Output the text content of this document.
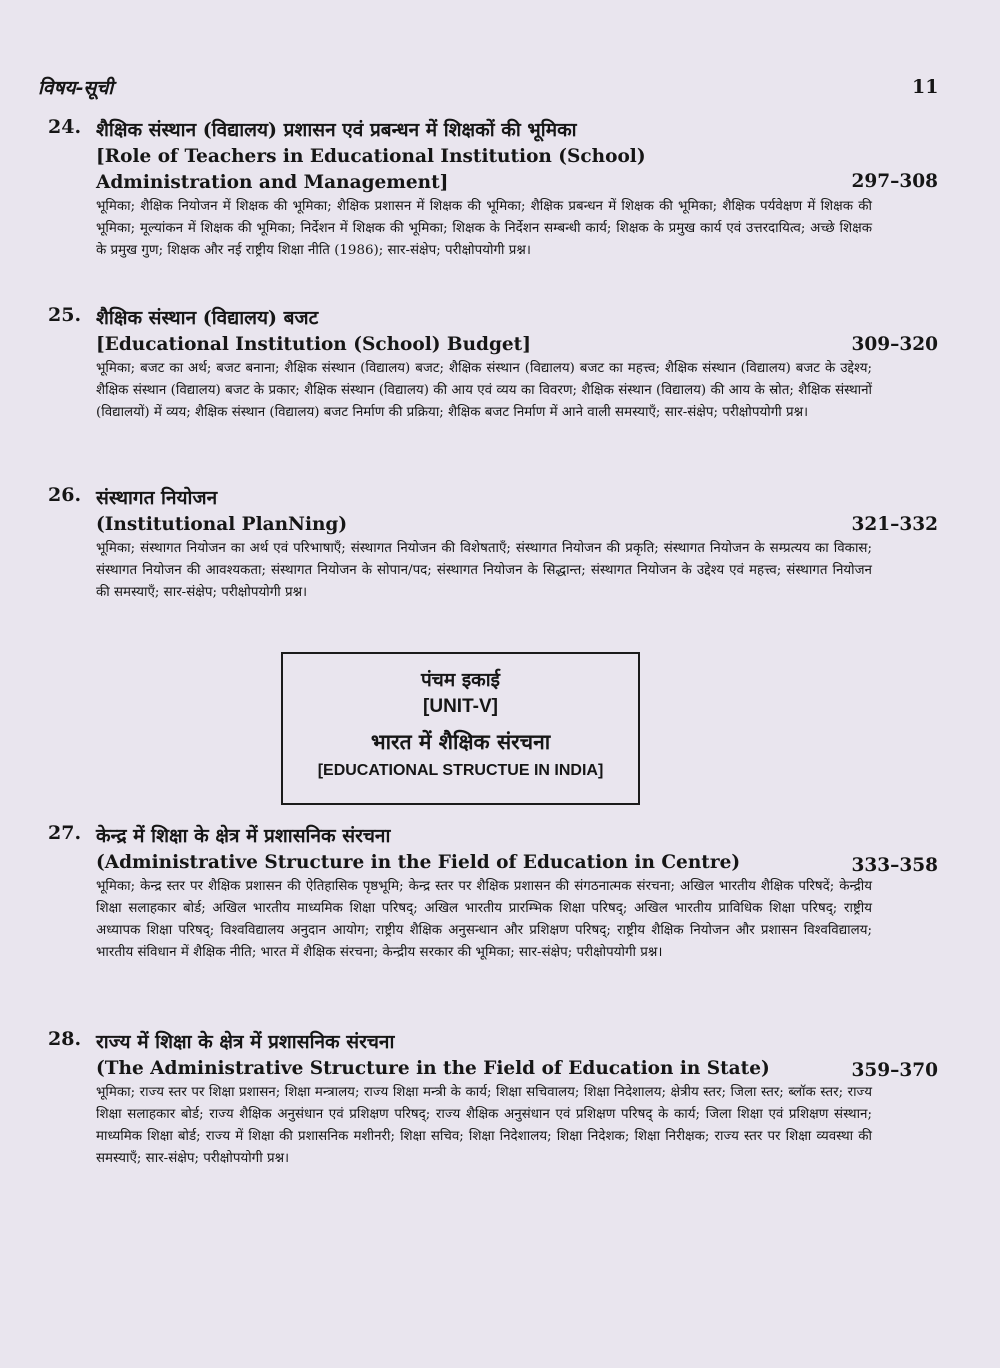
विषय-सूची	11
24. शैक्षिक संस्थान (विद्यालय) प्रशासन एवं प्रबन्धन में शिक्षकों की भूमिका
[Role of Teachers in Educational Institution (School)
Administration and Management]	297–308
भूमिका; शैक्षिक नियोजन में शिक्षक की भूमिका; शैक्षिक प्रशासन में शिक्षक की भूमिका; शैक्षिक प्रबन्धन में शिक्षक की भूमिका; शैक्षिक पर्यवेक्षण में शिक्षक की भूमिका; मूल्यांकन में शिक्षक की भूमिका; निर्देशन में शिक्षक की भूमिका; शिक्षक के निर्देशन सम्बन्धी कार्य; शिक्षक के प्रमुख कार्य एवं उत्तरदायित्व; अच्छे शिक्षक के प्रमुख गुण; शिक्षक और नई राष्ट्रीय शिक्षा नीति (1986); सार-संक्षेप; परीक्षोपयोगी प्रश्न।
25. शैक्षिक संस्थान (विद्यालय) बजट
[Educational Institution (School) Budget]	309–320
भूमिका; बजट का अर्थ; बजट बनाना; शैक्षिक संस्थान (विद्यालय) बजट; शैक्षिक संस्थान (विद्यालय) बजट का महत्त्व; शैक्षिक संस्थान (विद्यालय) बजट के उद्देश्य; शैक्षिक संस्थान (विद्यालय) बजट के प्रकार; शैक्षिक संस्थान (विद्यालय) की आय एवं व्यय का विवरण; शैक्षिक संस्थान (विद्यालय) की आय के स्रोत; शैक्षिक संस्थानों (विद्यालयों) में व्यय; शैक्षिक संस्थान (विद्यालय) बजट निर्माण की प्रक्रिया; शैक्षिक बजट निर्माण में आने वाली समस्याएँ; सार-संक्षेप; परीक्षोपयोगी प्रश्न।
26. संस्थागत नियोजन
(Institutional PlanNing)	321–332
भूमिका; संस्थागत नियोजन का अर्थ एवं परिभाषाएँ; संस्थागत नियोजन की विशेषताएँ; संस्थागत नियोजन की प्रकृति; संस्थागत नियोजन के सम्प्रत्यय का विकास; संस्थागत नियोजन की आवश्यकता; संस्थागत नियोजन के सोपान/पद; संस्थागत नियोजन के सिद्धान्त; संस्थागत नियोजन के उद्देश्य एवं महत्त्व; संस्थागत नियोजन की समस्याएँ; सार-संक्षेप; परीक्षोपयोगी प्रश्न।
पंचम इकाई
[UNIT-V]
भारत में शैक्षिक संरचना
[EDUCATIONAL STRUCTUE IN INDIA]
27. केन्द्र में शिक्षा के क्षेत्र में प्रशासनिक संरचना
(Administrative Structure in the Field of Education in Centre)	333–358
भूमिका; केन्द्र स्तर पर शैक्षिक प्रशासन की ऐतिहासिक पृष्ठभूमि; केन्द्र स्तर पर शैक्षिक प्रशासन की संगठनात्मक संरचना; अखिल भारतीय शैक्षिक परिषदें; केन्द्रीय शिक्षा सलाहकार बोर्ड; अखिल भारतीय माध्यमिक शिक्षा परिषद्; अखिल भारतीय प्रारम्भिक शिक्षा परिषद्; अखिल भारतीय प्राविधिक शिक्षा परिषद्; राष्ट्रीय अध्यापक शिक्षा परिषद्; विश्वविद्यालय अनुदान आयोग; राष्ट्रीय शैक्षिक अनुसन्धान और प्रशिक्षण परिषद्; राष्ट्रीय शैक्षिक नियोजन और प्रशासन विश्वविद्यालय; भारतीय संविधान में शैक्षिक नीति; भारत में शैक्षिक संरचना; केन्द्रीय सरकार की भूमिका; सार-संक्षेप; परीक्षोपयोगी प्रश्न।
28. राज्य में शिक्षा के क्षेत्र में प्रशासनिक संरचना
(The Administrative Structure in the Field of Education in State)	359–370
भूमिका; राज्य स्तर पर शिक्षा प्रशासन; शिक्षा मन्त्रालय; राज्य शिक्षा मन्त्री के कार्य; शिक्षा सचिवालय; शिक्षा निदेशालय; क्षेत्रीय स्तर; जिला स्तर; ब्लॉक स्तर; राज्य शिक्षा सलाहकार बोर्ड; राज्य शैक्षिक अनुसंधान एवं प्रशिक्षण परिषद्; राज्य शैक्षिक अनुसंधान एवं प्रशिक्षण परिषद् के कार्य; जिला शिक्षा एवं प्रशिक्षण संस्थान; माध्यमिक शिक्षा बोर्ड; राज्य में शिक्षा की प्रशासनिक मशीनरी; शिक्षा सचिव; शिक्षा निदेशालय; शिक्षा निदेशक; शिक्षा निरीक्षक; राज्य स्तर पर शिक्षा व्यवस्था की समस्याएँ; सार-संक्षेप; परीक्षोपयोगी प्रश्न।
